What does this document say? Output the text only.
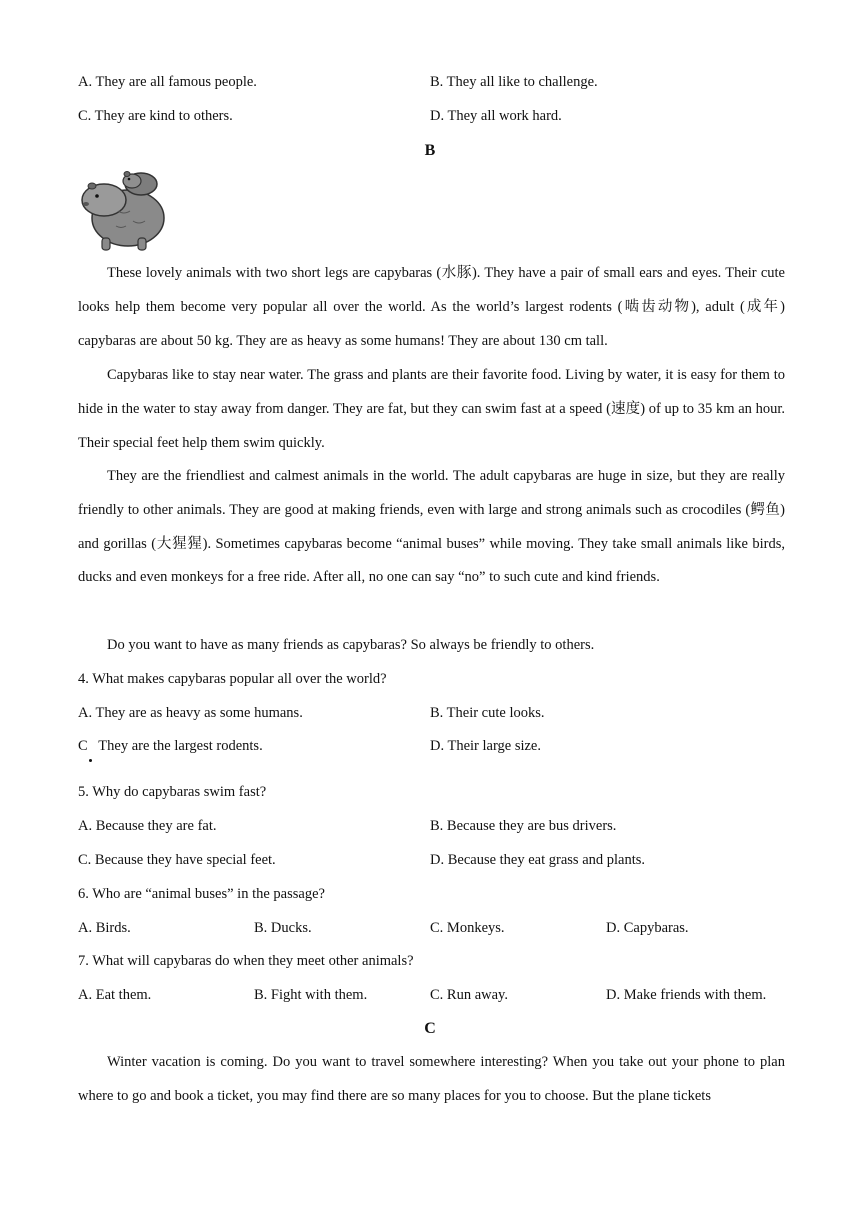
A. They are all famous people.	B. They all like to challenge.
C. They are kind to others.	D. They all work hard.
B

These lovely animals with two short legs are capybaras (水豚). They have a pair of small ears and eyes. Their cute looks help them become very popular all over the world. As the world’s largest rodents (啮齿动物), adult (成年) capybaras are about 50 kg. They are as heavy as some humans! They are about 130 cm tall.

Capybaras like to stay near water. The grass and plants are their favorite food. Living by water, it is easy for them to hide in the water to stay away from danger. They are fat, but they can swim fast at a speed (速度) of up to 35 km an hour. Their special feet help them swim quickly.

They are the friendliest and calmest animals in the world. The adult capybaras are huge in size, but they are really friendly to other animals. They are good at making friends, even with large and strong animals such as crocodiles (鳄鱼) and gorillas (大猩猩). Sometimes capybaras become “animal buses” while moving. They take small animals like birds, ducks and even monkeys for a free ride. After all, no one can say “no” to such cute and kind friends.

Do you want to have as many friends as capybaras? So always be friendly to others.

4. What makes capybaras popular all over the world?
A. They are as heavy as some humans.	B. Their cute looks.
C   They are the largest rodents.	D. Their large size.
5. Why do capybaras swim fast?
A. Because they are fat.	B. Because they are bus drivers.
C. Because they have special feet.	D. Because they eat grass and plants.
6. Who are “animal buses” in the passage?
A. Birds.	B. Ducks.	C. Monkeys.	D. Capybaras.
7. What will capybaras do when they meet other animals?
A. Eat them.	B. Fight with them.	C. Run away.	D. Make friends with them.
C

Winter vacation is coming. Do you want to travel somewhere interesting? When you take out your phone to plan where to go and book a ticket, you may find there are so many places for you to choose. But the plane tickets
